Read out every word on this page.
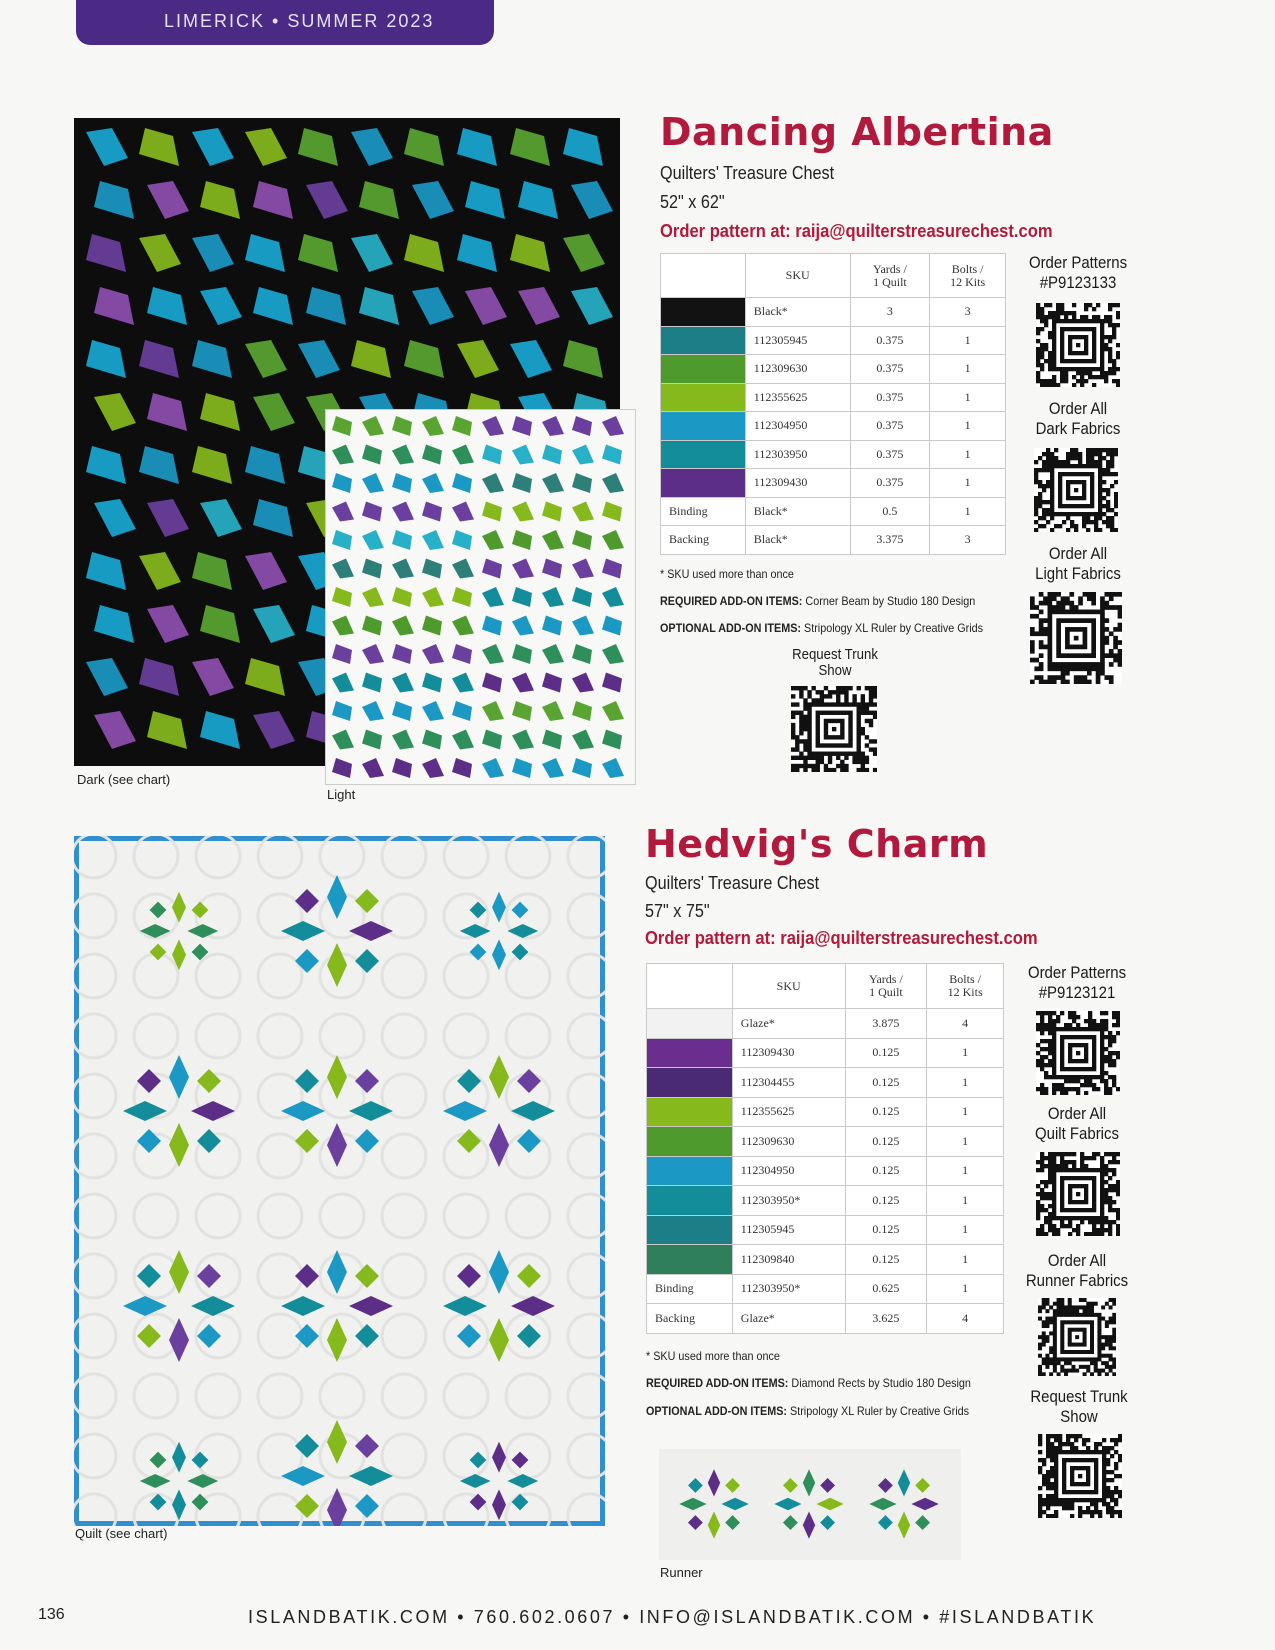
LIMERICK • SUMMER 2023
Dark (see chart)
Light
Dancing Albertina
Quilters' Treasure Chest
52" x 62"
Order pattern at: raija@quilterstreasurechest.com
	SKU	Yards /
1 Quilt	Bolts /
12 Kits
	Black*	3	3
	112305945	0.375	1
	112309630	0.375	1
	112355625	0.375	1
	112304950	0.375	1
	112303950	0.375	1
	112309430	0.375	1
Binding	Black*	0.5	1
Backing	Black*	3.375	3
* SKU used more than once
REQUIRED ADD-ON ITEMS: Corner Beam by Studio 180 Design
OPTIONAL ADD-ON ITEMS: Stripology XL Ruler by Creative Grids
Order Patterns
#P9123133
Order All
Dark Fabrics
Order All
Light Fabrics
Request Trunk
Show
Quilt (see chart)
Runner
Hedvig's Charm
Quilters' Treasure Chest
57" x 75"
Order pattern at: raija@quilterstreasurechest.com
	SKU	Yards /
1 Quilt	Bolts /
12 Kits
	Glaze*	3.875	4
	112309430	0.125	1
	112304455	0.125	1
	112355625	0.125	1
	112309630	0.125	1
	112304950	0.125	1
	112303950*	0.125	1
	112305945	0.125	1
	112309840	0.125	1
Binding	112303950*	0.625	1
Backing	Glaze*	3.625	4
* SKU used more than once
REQUIRED ADD-ON ITEMS: Diamond Rects by Studio 180 Design
OPTIONAL ADD-ON ITEMS: Stripology XL Ruler by Creative Grids
Order Patterns
#P9123121
Order All
Quilt Fabrics
Order All
Runner Fabrics
Request Trunk
Show
136	ISLANDBATIK.COM • 760.602.0607 • INFO@ISLANDBATIK.COM • #ISLANDBATIK
